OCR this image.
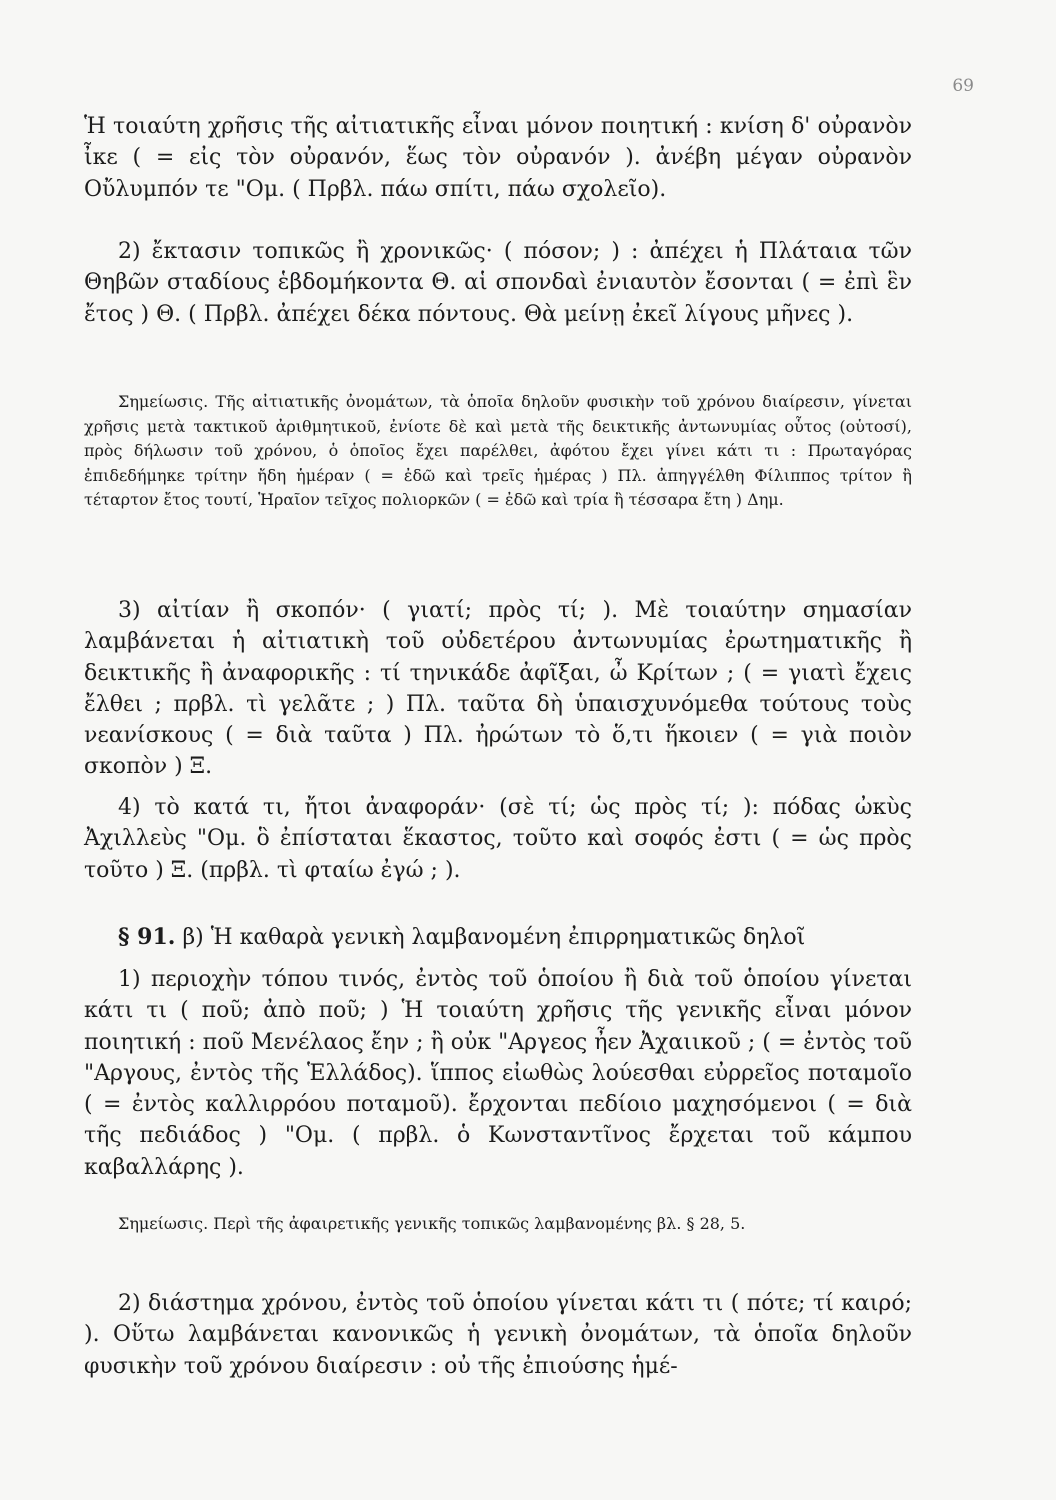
69

Ἡ τοιαύτη χρῆσις τῆς αἰτιατικῆς εἶναι μόνον ποιητική : κνίση δ' οὐρανὸν ἶκε ( = εἰς τὸν οὐρανόν, ἕως τὸν οὐρανόν ). ἀνέβη μέγαν οὐρανὸν Οὔλυμπόν τε "Ομ. ( Πρβλ. πάω σπίτι, πάω σχολεῖο).

2) ἔκτασιν τοπικῶς ἢ χρονικῶς· ( πόσον; ) : ἀπέχει ἡ Πλάταια τῶν Θηβῶν σταδίους ἑβδομήκοντα Θ. αἱ σπονδαὶ ἐνιαυτὸν ἔσονται ( = ἐπὶ ἓν ἔτος ) Θ. ( Πρβλ. ἀπέχει δέκα πόντους. Θὰ μείνῃ ἐκεῖ λίγους μῆνες ).

Σημείωσις. Τῆς αἰτιατικῆς ὀνομάτων, τὰ ὁποῖα δηλοῦν φυσικὴν τοῦ χρόνου διαίρεσιν, γίνεται χρῆσις μετὰ τακτικοῦ ἀριθμητικοῦ, ἐνίοτε δὲ καὶ μετὰ τῆς δεικτικῆς ἀντωνυμίας οὗτος (οὑτοσί), πρὸς δήλωσιν τοῦ χρόνου, ὁ ὁποῖος ἔχει παρέλθει, ἀφότου ἔχει γίνει κάτι τι : Πρωταγόρας ἐπιδεδήμηκε τρίτην ἤδη ἡμέραν ( = ἐδῶ καὶ τρεῖς ἡμέρας ) Πλ. ἀπηγγέλθη Φίλιππος τρίτον ἢ τέταρτον ἔτος τουτί, Ἡραῖον τεῖχος πολιορκῶν ( = ἐδῶ καὶ τρία ἢ τέσσαρα ἔτη ) Δημ.

3) αἰτίαν ἢ σκοπόν· ( γιατί; πρὸς τί; ). Μὲ τοιαύτην σημασίαν λαμβάνεται ἡ αἰτιατικὴ τοῦ οὐδετέρου ἀντωνυμίας ἐρωτηματικῆς ἢ δεικτικῆς ἢ ἀναφορικῆς : τί τηνικάδε ἀφῖξαι, ὦ Κρίτων ; ( = γιατὶ ἔχεις ἔλθει ; πρβλ. τὶ γελᾶτε ; ) Πλ. ταῦτα δὴ ὑπαισχυνόμεθα τούτους τοὺς νεανίσκους ( = διὰ ταῦτα ) Πλ. ἠρώτων τὸ ὅ,τι ἥκοιεν ( = γιὰ ποιὸν σκοπὸν ) Ξ.

4) τὸ κατά τι, ἤτοι ἀναφοράν· (σὲ τί; ὡς πρὸς τί; ): πόδας ὠκὺς Ἀχιλλεὺς "Ομ. ὃ ἐπίσταται ἕκαστος, τοῦτο καὶ σοφός ἐστι ( = ὡς πρὸς τοῦτο ) Ξ. (πρβλ. τὶ φταίω ἐγώ ; ).

§ 91. β) Ἡ καθαρὰ γενικὴ λαμβανομένη ἐπιρρηματικῶς δηλοῖ

1) περιοχὴν τόπου τινός, ἐντὸς τοῦ ὁποίου ἢ διὰ τοῦ ὁποίου γίνεται κάτι τι ( ποῦ; ἀπὸ ποῦ; ) Ἡ τοιαύτη χρῆσις τῆς γενικῆς εἶναι μόνον ποιητική : ποῦ Μενέλαος ἔην ; ἢ οὐκ "Αργεος ἦεν Ἀχαιικοῦ ; ( = ἐντὸς τοῦ "Αργους, ἐντὸς τῆς Ἑλλάδος). ἵππος εἰωθὼς λούεσθαι εὐρρεῖος ποταμοῖο ( = ἐντὸς καλλιρρόου ποταμοῦ). ἔρχονται πεδίοιο μαχησόμενοι ( = διὰ τῆς πεδιάδος ) "Ομ. ( πρβλ. ὁ Κωνσταντῖνος ἔρχεται τοῦ κάμπου καβαλλάρης ).

Σημείωσις. Περὶ τῆς ἀφαιρετικῆς γενικῆς τοπικῶς λαμβανομένης βλ. § 28, 5.

2) διάστημα χρόνου, ἐντὸς τοῦ ὁποίου γίνεται κάτι τι ( πότε; τί καιρό; ). Οὕτω λαμβάνεται κανονικῶς ἡ γενικὴ ὀνομάτων, τὰ ὁποῖα δηλοῦν φυσικὴν τοῦ χρόνου διαίρεσιν : οὐ τῆς ἐπιούσης ἡμέ-
